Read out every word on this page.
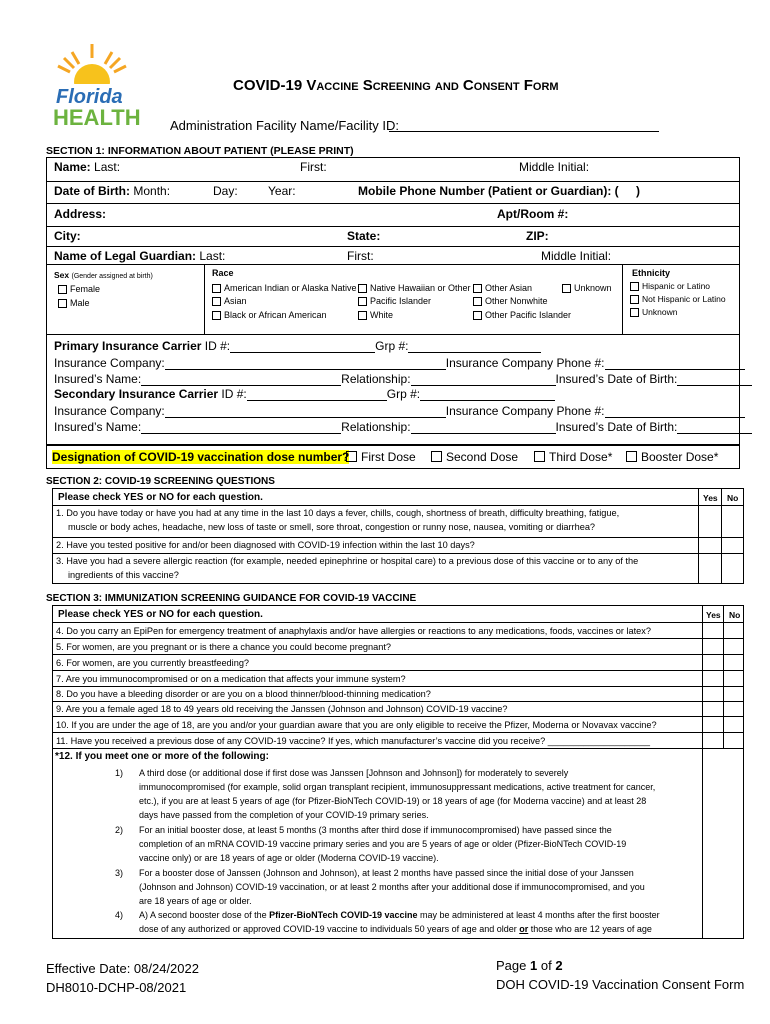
Florida
HEALTH
COVID-19 Vaccine Screening and Consent Form
Administration Facility Name/Facility ID:
SECTION 1: INFORMATION ABOUT PATIENT (PLEASE PRINT)
Name: Last:	First:	Middle Initial:
Date of Birth: Month:	Day:	Year:	Mobile Phone Number (Patient or Guardian): ( )
Address:	Apt/Room #:
City:	State:	ZIP:
Name of Legal Guardian: Last:	First:	Middle Initial:
Sex (Gender assigned at birth)
Female
Male
Race
American Indian or Alaska Native
Asian
Black or African American
Native Hawaiian or Other
Pacific Islander
White
Other Asian
Other Nonwhite
Other Pacific Islander
Unknown
Ethnicity
Hispanic or Latino
Not Hispanic or Latino
Unknown
Primary Insurance Carrier ID #:	Grp #:
Insurance Company:	Insurance Company Phone #:
Insured’s Name:	Relationship:	Insured’s Date of Birth:
Secondary Insurance Carrier ID #:	Grp #:
Insurance Company:	Insurance Company Phone #:
Insured’s Name:	Relationship:	Insured’s Date of Birth:
Designation of COVID-19 vaccination dose number? First Dose	Second Dose	Third Dose*	Booster Dose*
SECTION 2: COVID-19 SCREENING QUESTIONS
Please check YES or NO for each question.	Yes No
1. Do you have today or have you had at any time in the last 10 days a fever, chills, cough, shortness of breath, difficulty breathing, fatigue,
muscle or body aches, headache, new loss of taste or smell, sore throat, congestion or runny nose, nausea, vomiting or diarrhea?
2. Have you tested positive for and/or been diagnosed with COVID-19 infection within the last 10 days?
3. Have you had a severe allergic reaction (for example, needed epinephrine or hospital care) to a previous dose of this vaccine or to any of the
ingredients of this vaccine?
SECTION 3: IMMUNIZATION SCREENING GUIDANCE FOR COVID-19 VACCINE
Please check YES or NO for each question.	Yes No
4. Do you carry an EpiPen for emergency treatment of anaphylaxis and/or have allergies or reactions to any medications, foods, vaccines or latex?
5. For women, are you pregnant or is there a chance you could become pregnant?
6. For women, are you currently breastfeeding?
7. Are you immunocompromised or on a medication that affects your immune system?
8. Do you have a bleeding disorder or are you on a blood thinner/blood-thinning medication?
9. Are you a female aged 18 to 49 years old receiving the Janssen (Johnson and Johnson) COVID-19 vaccine?
10. If you are under the age of 18, are you and/or your guardian aware that you are only eligible to receive the Pfizer, Moderna or Novavax vaccine?
11. Have you received a previous dose of any COVID-19 vaccine? If yes, which manufacturer’s vaccine did you receive? ____________________
*12. If you meet one or more of the following:
1) A third dose (or additional dose if first dose was Janssen [Johnson and Johnson]) for moderately to severely
immunocompromised (for example, solid organ transplant recipient, immunosuppressant medications, active treatment for cancer,
etc.), if you are at least 5 years of age (for Pfizer-BioNTech COVID-19) or 18 years of age (for Moderna vaccine) and at least 28
days have passed from the completion of your COVID-19 primary series.
2) For an initial booster dose, at least 5 months (3 months after third dose if immunocompromised) have passed since the
completion of an mRNA COVID-19 vaccine primary series and you are 5 years of age or older (Pfizer-BioNTech COVID-19
vaccine only) or are 18 years of age or older (Moderna COVID-19 vaccine).
3) For a booster dose of Janssen (Johnson and Johnson), at least 2 months have passed since the initial dose of your Janssen
(Johnson and Johnson) COVID-19 vaccination, or at least 2 months after your additional dose if immunocompromised, and you
are 18 years of age or older.
4) A) A second booster dose of the Pfizer-BioNTech COVID-19 vaccine may be administered at least 4 months after the first booster
dose of any authorized or approved COVID-19 vaccine to individuals 50 years of age and older or those who are 12 years of age
Effective Date: 08/24/2022
DH8010-DCHP-08/2021
Page 1 of 2
DOH COVID-19 Vaccination Consent Form
